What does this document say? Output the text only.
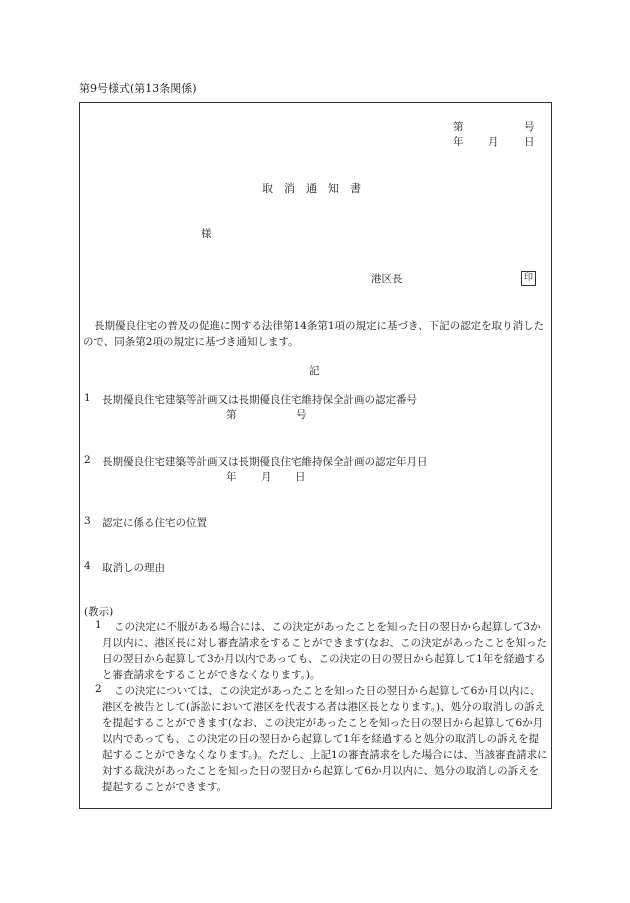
第9号様式(第13条関係)
第	号
年 月 日
取　消　通　知　書
様
港区長	印
長期優良住宅の普及の促進に関する法律第14条第1項の規定に基づき、下記の認定を取り消したので、同条第2項の規定に基づき通知します。
記
1 長期優良住宅建築等計画又は長期優良住宅維持保全計画の認定番号
第	号
2 長期優良住宅建築等計画又は長期優良住宅維持保全計画の認定年月日
年 月 日
3 認定に係る住宅の位置
4 取消しの理由
(教示)
1	この決定に不服がある場合には、この決定があったことを知った日の翌日から起算して3か月以内に、港区長に対し審査請求をすることができます(なお、この決定があったことを知った日の翌日から起算して3か月以内であっても、この決定の日の翌日から起算して1年を経過すると審査請求をすることができなくなります。)。
2	この決定については、この決定があったことを知った日の翌日から起算して6か月以内に、港区を被告として(訴訟において港区を代表する者は港区長となります。)、処分の取消しの訴えを提起することができます(なお、この決定があったことを知った日の翌日から起算して6か月以内であっても、この決定の日の翌日から起算して1年を経過すると処分の取消しの訴えを提起することができなくなります。)。ただし、上記1の審査請求をした場合には、当該審査請求に対する裁決があったことを知った日の翌日から起算して6か月以内に、処分の取消しの訴えを提起することができます。
